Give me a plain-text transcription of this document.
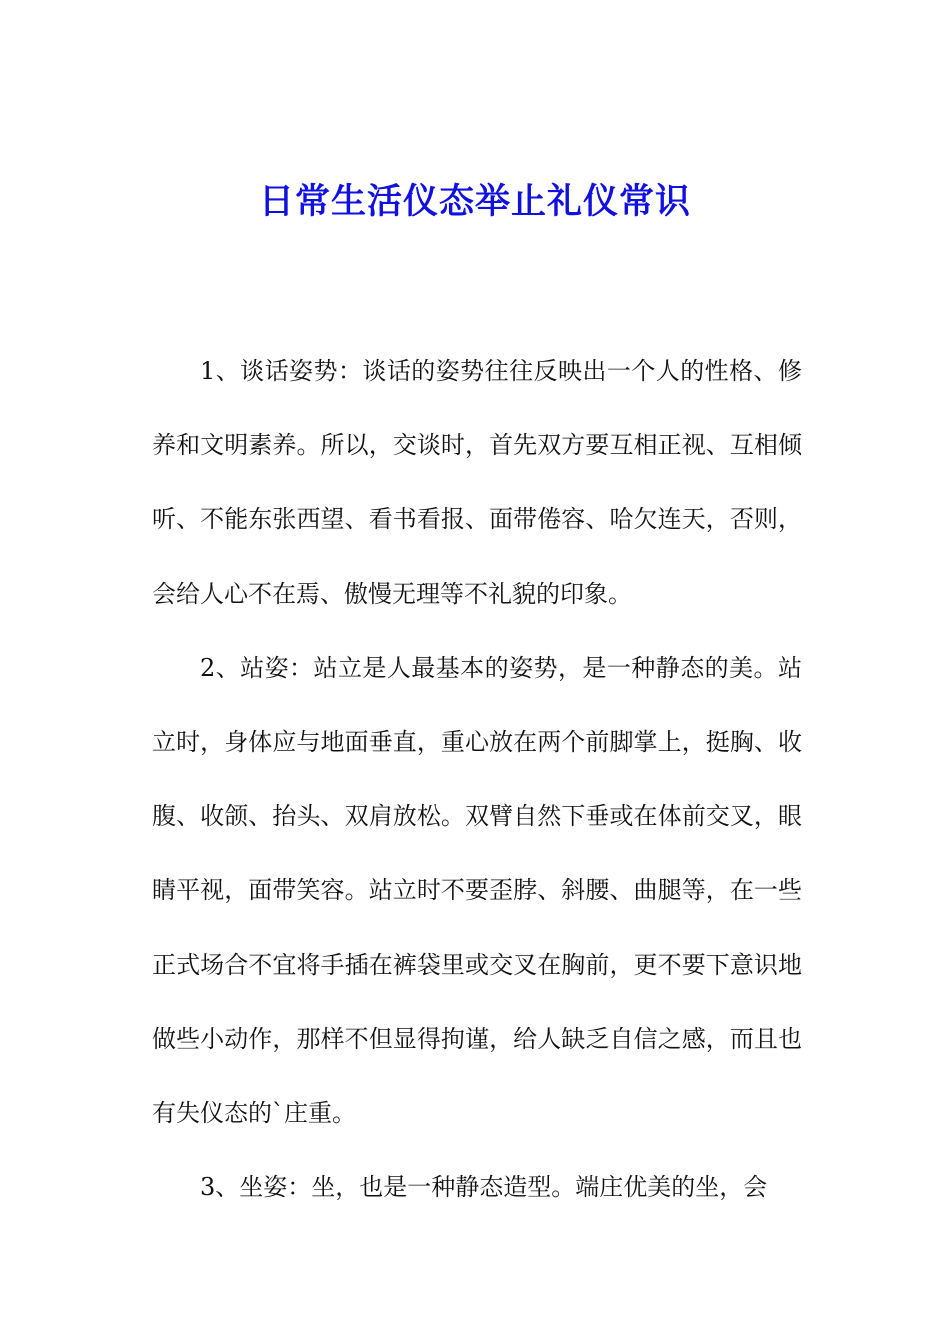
日常生活仪态举止礼仪常识

1、谈话姿势：谈话的姿势往往反映出一个人的性格、修养和文明素养。所以，交谈时，首先双方要互相正视、互相倾听、不能东张西望、看书看报、面带倦容、哈欠连天，否则，会给人心不在焉、傲慢无理等不礼貌的印象。

2、站姿：站立是人最基本的姿势，是一种静态的美。站立时，身体应与地面垂直，重心放在两个前脚掌上，挺胸、收腹、收颌、抬头、双肩放松。双臂自然下垂或在体前交叉，眼睛平视，面带笑容。站立时不要歪脖、斜腰、曲腿等，在一些正式场合不宜将手插在裤袋里或交叉在胸前，更不要下意识地做些小动作，那样不但显得拘谨，给人缺乏自信之感，而且也有失仪态的`庄重。

3、坐姿：坐，也是一种静态造型。端庄优美的坐，会
